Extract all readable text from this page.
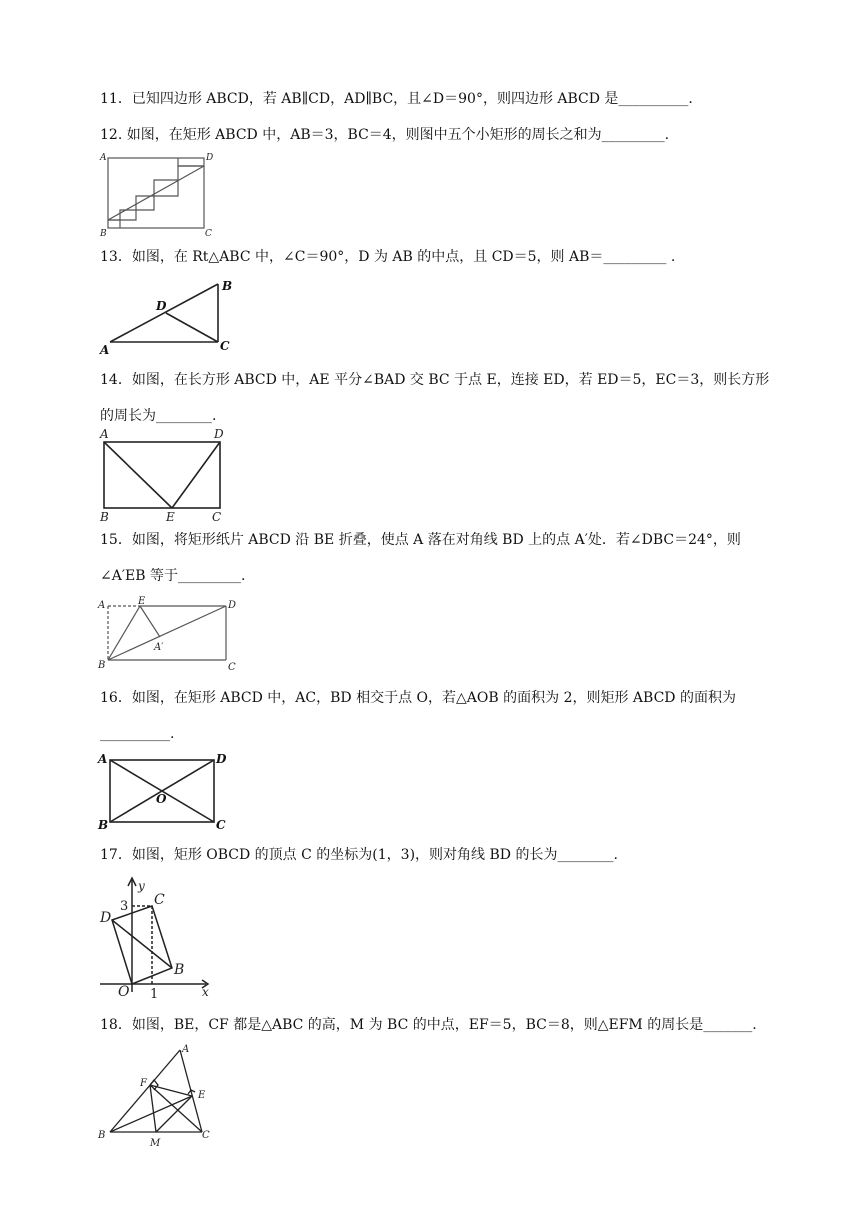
11．已知四边形 ABCD，若 AB∥CD，AD∥BC，且∠D＝90°，则四边形 ABCD 是__________.
12. 如图，在矩形 ABCD 中，AB＝3，BC＝4，则图中五个小矩形的周长之和为_________.
A	D
B	C
13．如图，在 Rt△ABC 中，∠C＝90°，D 为 AB 的中点，且 CD＝5，则 AB＝_________ .
A
B
C
D
14．如图，在长方形 ABCD 中，AE 平分∠BAD 交 BC 于点 E，连接 ED，若 ED＝5，EC＝3，则长方形的周长为________.
A	D
B	E	C
15．如图，将矩形纸片 ABCD 沿 BE 折叠，使点 A 落在对角线 BD 上的点 A′处．若∠DBC＝24°，则∠A′EB 等于_________.
A	E	D
B	C
A′
16．如图，在矩形 ABCD 中，AC，BD 相交于点 O，若△AOB 的面积为 2，则矩形 ABCD 的面积为__________.
A	D
B	C
O
17．如图，矩形 OBCD 的顶点 C 的坐标为(1，3)，则对角线 BD 的长为________.
y
x
3
1
C
D
B
O
18．如图，BE，CF 都是△ABC 的高，M 为 BC 的中点，EF＝5，BC＝8，则△EFM 的周长是_______.
A
F
E
B	C
M
